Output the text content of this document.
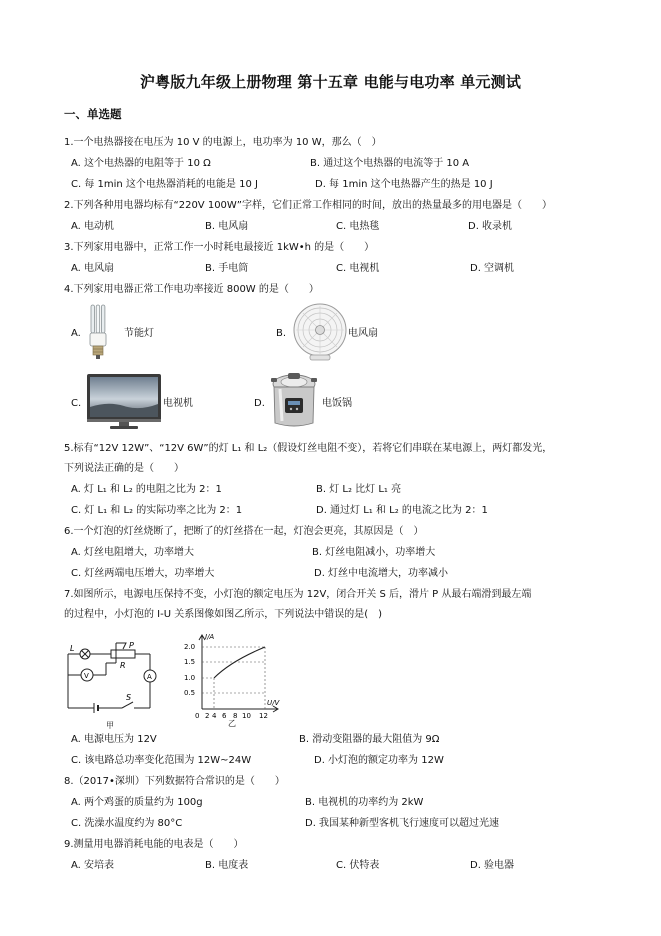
沪粤版九年级上册物理 第十五章 电能与电功率 单元测试
一、单选题
1.一个电热器接在电压为 10 V 的电源上，电功率为 10 W，那么（　）
A. 这个电热器的电阻等于 10 Ω	B. 通过这个电热器的电流等于 10 A
C. 每 1min 这个电热器消耗的电能是 10 J	D. 每 1min 这个电热器产生的热是 10 J
2.下列各种用电器均标有“220V 100W”字样，它们正常工作相同的时间，放出的热量最多的用电器是（　　）
A. 电动机	B. 电风扇	C. 电热毯	D. 收录机
3.下列家用电器中，正常工作一小时耗电最接近 1kW•h 的是（　　）
A. 电风扇	B. 手电筒	C. 电视机	D. 空调机
4.下列家用电器正常工作电功率接近 800W 的是（　　）
A.	节能灯	B.	电风扇
C.	电视机	D.	电饭锅
5.标有“12V 12W”、“12V 6W”的灯 L₁ 和 L₂（假设灯丝电阻不变），若将它们串联在某电源上，两灯都发光，
下列说法正确的是（　　）
A. 灯 L₁ 和 L₂ 的电阻之比为 2：1	B. 灯 L₂ 比灯 L₁ 亮
C. 灯 L₁ 和 L₂ 的实际功率之比为 2：1	D. 通过灯 L₁ 和 L₂ 的电流之比为 2：1
6.一个灯泡的灯丝烧断了，把断了的灯丝搭在一起，灯泡会更亮，其原因是（　）
A. 灯丝电阻增大，功率增大	B. 灯丝电阻减小，功率增大
C. 灯丝两端电压增大，功率增大	D. 灯丝中电流增大，功率减小
7.如图所示，电源电压保持不变，小灯泡的额定电压为 12V，闭合开关 S 后，滑片 P 从最右端滑到最左端
的过程中，小灯泡的 I-U 关系图像如图乙所示，下列说法中错误的是(　)
L	P
R
V	A
S
甲
I/A
U/V
2.0
1.5
1.0
0.5
0 2 4 6 8 10 12
乙
A. 电源电压为 12V	B. 滑动变阻器的最大阻值为 9Ω
C. 该电路总功率变化范围为 12W~24W	D. 小灯泡的额定功率为 12W
8.（2017•深圳）下列数据符合常识的是（　　）
A. 两个鸡蛋的质量约为 100g	B. 电视机的功率约为 2kW
C. 洗澡水温度约为 80°C	D. 我国某种新型客机飞行速度可以超过光速
9.测量用电器消耗电能的电表是（　　）
A. 安培表	B. 电度表	C. 伏特表	D. 验电器
